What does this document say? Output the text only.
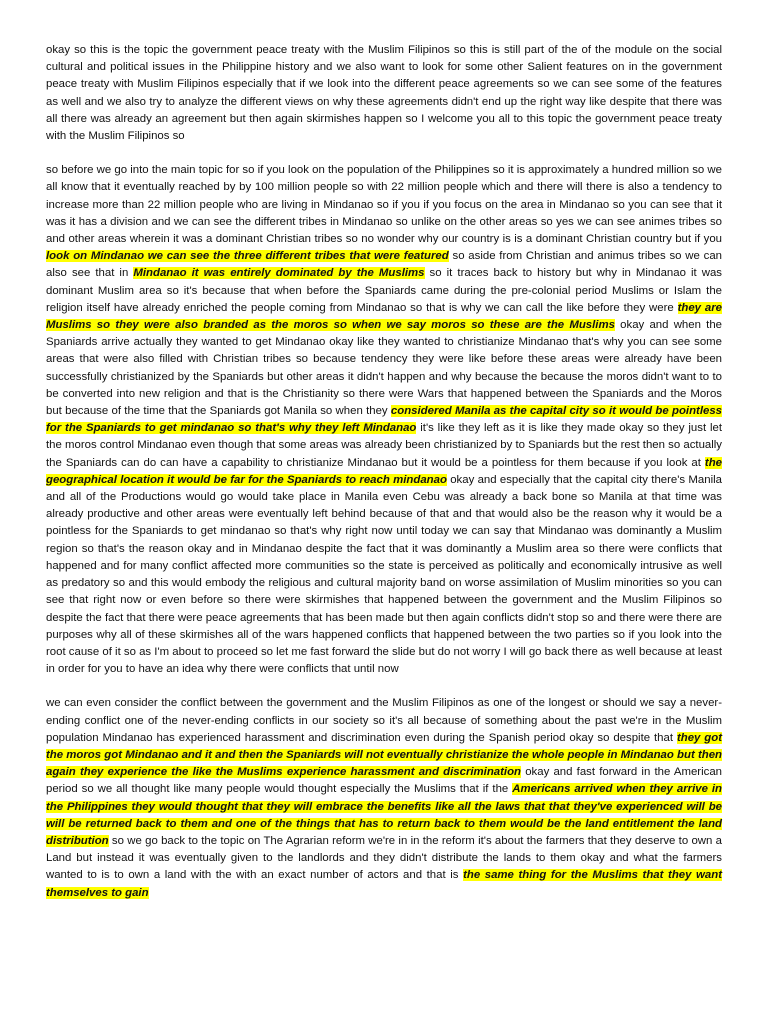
okay so this is the topic the government peace treaty with the Muslim Filipinos so this is still part of the of the module on the social cultural and political issues in the Philippine history and we also want to look for some other Salient features on in the government peace treaty with Muslim Filipinos especially that if we look into the different peace agreements so we can see some of the features as well and we also try to analyze the different views on why these agreements didn't end up the right way like despite that there was all there was already an agreement but then again skirmishes happen so I welcome you all to this topic the government peace treaty with the Muslim Filipinos so

so before we go into the main topic for so if you look on the population of the Philippines so it is approximately a hundred million so we all know that it eventually reached by by 100 million people so with 22 million people which and there will there is also a tendency to increase more than 22 million people who are living in Mindanao so if you if you focus on the area in Mindanao so you can see that it was it has a division and we can see the different tribes in Mindanao so unlike on the other areas so yes we can see animes tribes so and other areas wherein it was a dominant Christian tribes so no wonder why our country is is a dominant Christian country but if you look on Mindanao we can see the three different tribes that were featured so aside from Christian and animus tribes so we can also see that in Mindanao it was entirely dominated by the Muslims so it traces back to history but why in Mindanao it was dominant Muslim area so it's because that when before the Spaniards came during the pre-colonial period Muslims or Islam the religion itself have already enriched the people coming from Mindanao so that is why we can call the like before they were they are Muslims so they were also branded as the moros so when we say moros so these are the Muslims okay and when the Spaniards arrive actually they wanted to get Mindanao okay like they wanted to christianize Mindanao that's why you can see some areas that were also filled with Christian tribes so because tendency they were like before these areas were already have been successfully christianized by the Spaniards but other areas it didn't happen and why because the because the moros didn't want to to be converted into new religion and that is the Christianity so there were Wars that happened between the Spaniards and the Moros but because of the time that the Spaniards got Manila so when they considered Manila as the capital city so it would be pointless for the Spaniards to get mindanao so that's why they left Mindanao it's like they left as it is like they made okay so they just let the moros control Mindanao even though that some areas was already been christianized by to Spaniards but the rest then so actually the Spaniards can do can have a capability to christianize Mindanao but it would be a pointless for them because if you look at the geographical location it would be far for the Spaniards to reach mindanao okay and especially that the capital city there's Manila and all of the Productions would go would take place in Manila even Cebu was already a back bone so Manila at that time was already productive and other areas were eventually left behind because of that and that would also be the reason why it would be a pointless for the Spaniards to get mindanao so that's why right now until today we can say that Mindanao was dominantly a Muslim region so that's the reason okay and in Mindanao despite the fact that it was dominantly a Muslim area so there were conflicts that happened and for many conflict affected more communities so the state is perceived as politically and economically intrusive as well as predatory so and this would embody the religious and cultural majority band on worse assimilation of Muslim minorities so you can see that right now or even before so there were skirmishes that happened between the government and the Muslim Filipinos so despite the fact that there were peace agreements that has been made but then again conflicts didn't stop so and there were there are purposes why all of these skirmishes all of the wars happened conflicts that happened between the two parties so if you look into the root cause of it so as I'm about to proceed so let me fast forward the slide but do not worry I will go back there as well because at least in order for you to have an idea why there were conflicts that until now

we can even consider the conflict between the government and the Muslim Filipinos as one of the longest or should we say a never-ending conflict one of the never-ending conflicts in our society so it's all because of something about the past we're in the Muslim population Mindanao has experienced harassment and discrimination even during the Spanish period okay so despite that they got the moros got Mindanao and it and then the Spaniards will not eventually christianize the whole people in Mindanao but then again they experience the like the Muslims experience harassment and discrimination okay and fast forward in the American period so we all thought like many people would thought especially the Muslims that if the Americans arrived when they arrive in the Philippines they would thought that they will embrace the benefits like all the laws that that they've experienced will be will be returned back to them and one of the things that has to return back to them would be the land entitlement the land distribution so we go back to the topic on The Agrarian reform we're in in the reform it's about the farmers that they deserve to own a Land but instead it was eventually given to the landlords and they didn't distribute the lands to them okay and what the farmers wanted to is to own a land with the with an exact number of actors and that is the same thing for the Muslims that they want themselves to gain
